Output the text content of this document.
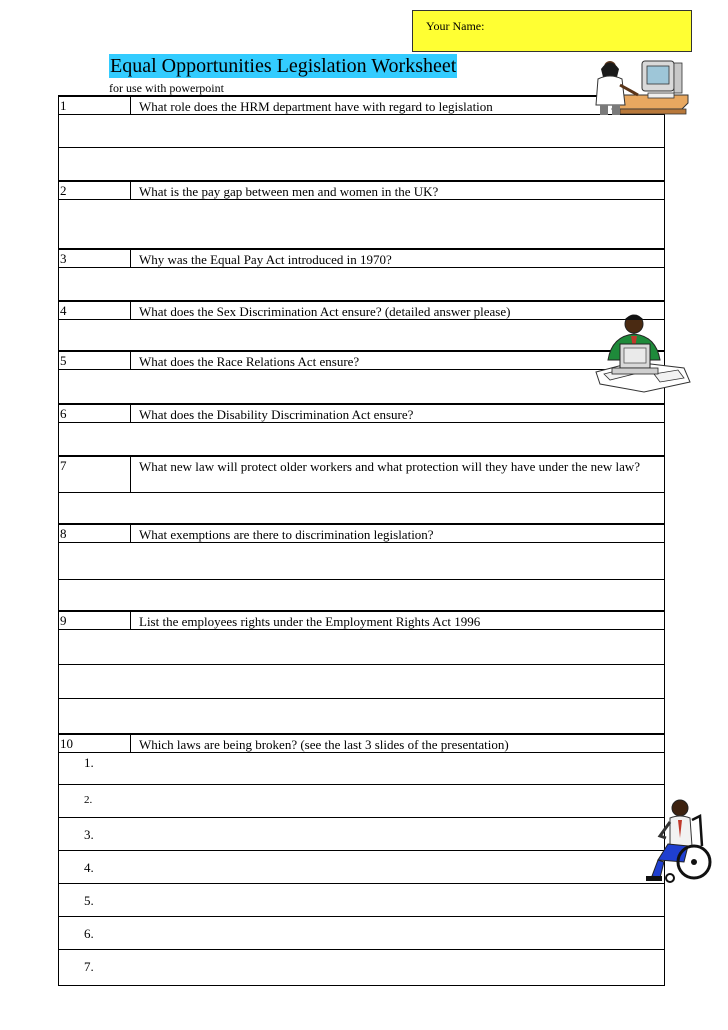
Your Name:
Equal Opportunities Legislation Worksheet
for use with powerpoint
1	What role does the HRM department have with regard to legislation
2	What is the pay gap between men and women in the UK?
3	Why was the Equal Pay Act introduced in 1970?
4	What does the Sex Discrimination Act ensure? (detailed answer please)
5	What does the Race Relations Act ensure?
6	What does the Disability Discrimination Act ensure?
7	What new law will protect older workers and what protection will they have under the new law?
8	What exemptions are there to discrimination legislation?
9	List the employees rights under the Employment Rights Act 1996
10	Which laws are being broken? (see the last 3 slides of the presentation)
1.
2.
3.
4.
5.
6.
7.
